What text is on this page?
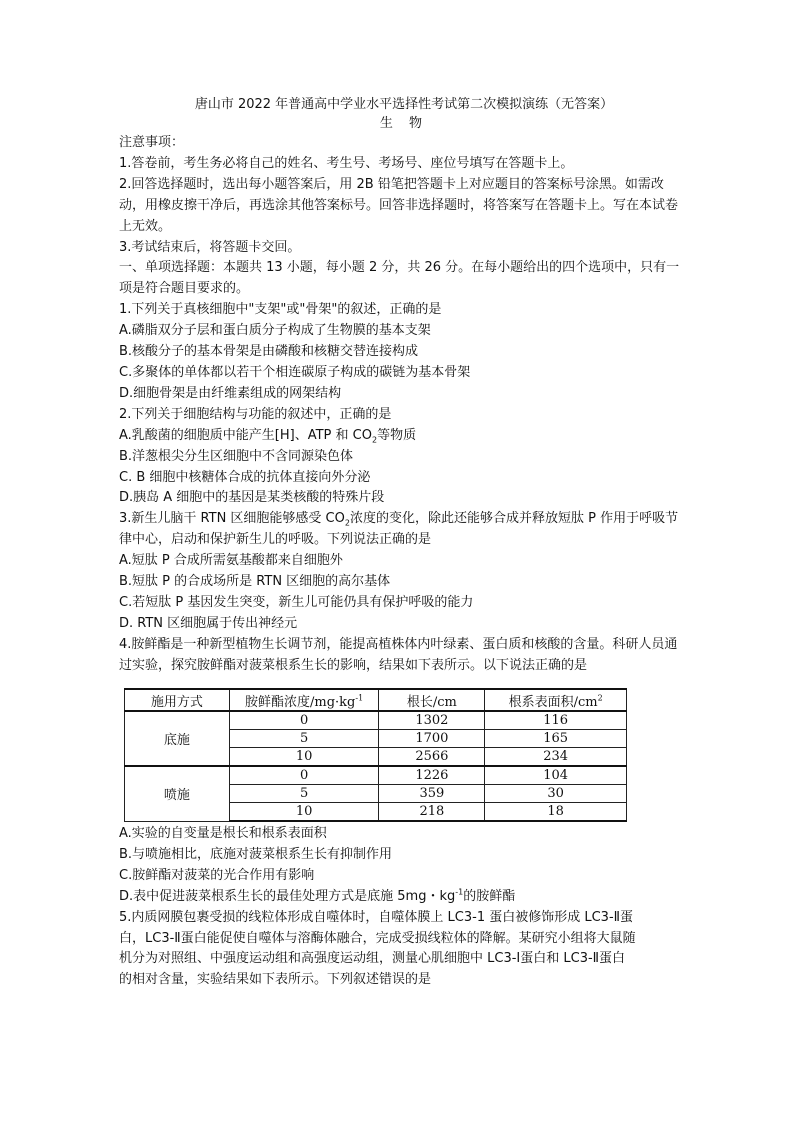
唐山市 2022 年普通高中学业水平选择性考试第二次模拟演练（无答案）
生 物
注意事项：
1.答卷前，考生务必将自己的姓名、考生号、考场号、座位号填写在答题卡上。
2.回答选择题时，选出每小题答案后，用 2B 铅笔把答题卡上对应题目的答案标号涂黑。如需改动，用橡皮擦干净后，再选涂其他答案标号。回答非选择题时，将答案写在答题卡上。写在本试卷上无效。
3.考试结束后，将答题卡交回。
一、单项选择题：本题共 13 小题，每小题 2 分，共 26 分。在每小题给出的四个选项中，只有一项是符合题目要求的。
1.下列关于真核细胞中"支架"或"骨架"的叙述，正确的是
A.磷脂双分子层和蛋白质分子构成了生物膜的基本支架
B.核酸分子的基本骨架是由磷酸和核糖交替连接构成
C.多聚体的单体都以若干个相连碳原子构成的碳链为基本骨架
D.细胞骨架是由纤维素组成的网架结构
2.下列关于细胞结构与功能的叙述中，正确的是
A.乳酸菌的细胞质中能产生[H]、ATP 和 $CO_2$等物质
B.洋葱根尖分生区细胞中不含同源染色体
C. B 细胞中核糖体合成的抗体直接向外分泌
D.胰岛 A 细胞中的基因是某类核酸的特殊片段
3.新生儿脑干 RTN 区细胞能够感受 $CO_2$浓度的变化，除此还能够合成并释放短肽 P 作用于呼吸节律中心，启动和保护新生儿的呼吸。下列说法正确的是
A.短肽 P 合成所需氨基酸都来自细胞外
B.短肽 P 的合成场所是 RTN 区细胞的高尔基体
C.若短肽 P 基因发生突变，新生儿可能仍具有保护呼吸的能力
D. RTN 区细胞属于传出神经元
4.胺鲜酯是一种新型植物生长调节剂，能提高植株体内叶绿素、蛋白质和核酸的含量。科研人员通过实验，探究胺鲜酯对菠菜根系生长的影响，结果如下表所示。以下说法正确的是
施用方式	胺鲜酯浓度$/mg\cdot kg^{-1}$	根长/cm	根系表面积$/cm^2$
底施	0	1302	116
	5	1700	165
	10	2566	234
喷施	0	1226	104
	5	359	30
	10	218	18
A.实验的自变量是根长和根系表面积
B.与喷施相比，底施对菠菜根系生长有抑制作用
C.胺鲜酯对菠菜的光合作用有影响
D.表中促进菠菜根系生长的最佳处理方式是底施 5mg・$kg^{-1}$的胺鲜酯
5.内质网膜包裹受损的线粒体形成自噬体时，自噬体膜上 LC3-1 蛋白被修饰形成 LC3-Ⅱ蛋
白，LC3-Ⅱ蛋白能促使自噬体与溶酶体融合，完成受损线粒体的降解。某研究小组将大鼠随
机分为对照组、中强度运动组和高强度运动组，测量心肌细胞中 LC3-Ⅰ蛋白和 LC3-Ⅱ蛋白
的相对含量，实验结果如下表所示。下列叙述错误的是
